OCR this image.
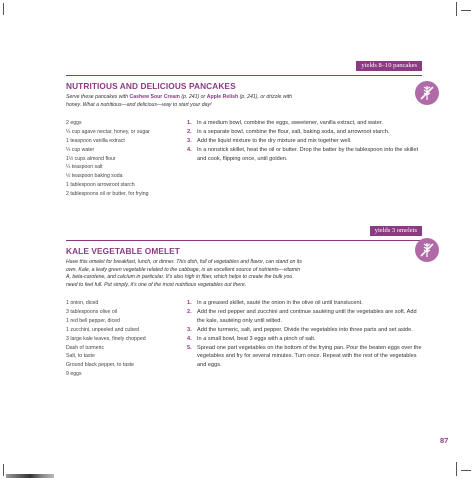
yields 8–10 pancakes
NUTRITIOUS AND DELICIOUS PANCAKES

Serve these pancakes with Cashew Sour Cream (p. 241) or Apple Relish (p. 241), or drizzle with honey. What a nutritious—and delicious—way to start your day!

2 eggs
¼ cup agave nectar, honey, or sugar
1 teaspoon vanilla extract
¼ cup water
1½ cups almond flour
¼ teaspoon salt
½ teaspoon baking soda
1 tablespoon arrowroot starch
2 tablespoons oil or butter, for frying
1. In a medium bowl, combine the eggs, sweetener, vanilla extract, and water.
2. In a separate bowl, combine the flour, salt, baking soda, and arrowroot starch.
3. Add the liquid mixture to the dry mixture and mix together well.
4. In a nonstick skillet, heat the oil or butter. Drop the batter by the tablespoon into the skillet and cook, flipping once, until golden.
yields 3 omelets
KALE VEGETABLE OMELET

Have this omelet for breakfast, lunch, or dinner. This dish, full of vegetables and flavor, can stand on its own. Kale, a leafy green vegetable related to the cabbage, is an excellent source of nutrients—vitamin A, beta-carotene, and calcium in particular. It's also high in fiber, which helps to create the bulk you need to feel full. Put simply, it's one of the most nutritious vegetables out there.

1 onion, diced
3 tablespoons olive oil
1 red bell pepper, diced
1 zucchini, unpeeled and cubed
3 large kale leaves, finely chopped
Dash of turmeric
Salt, to taste
Ground black pepper, to taste
9 eggs
1. In a greased skillet, sauté the onion in the olive oil until translucent.
2. Add the red pepper and zucchini and continue sautéing until the vegetables are soft. Add the kale, sautéing only until wilted.
3. Add the turmeric, salt, and pepper. Divide the vegetables into three parts and set aside.
4. In a small bowl, beat 3 eggs with a pinch of salt.
5. Spread one part vegetables on the bottom of the frying pan. Pour the beaten eggs over the vegetables and fry for several minutes. Turn once. Repeat with the rest of the vegetables and eggs.
87
